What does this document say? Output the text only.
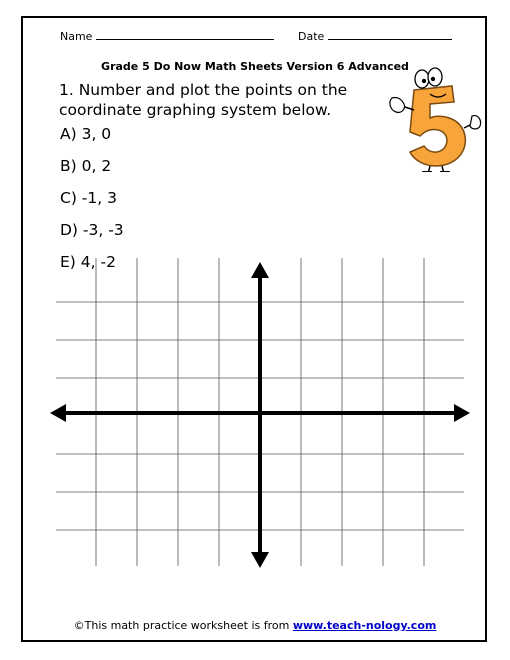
Name	Date
Grade 5 Do Now Math Sheets Version 6 Advanced
1. Number and plot the points on the coordinate graphing system below.
A) 3, 0
B) 0, 2
C) -1, 3
D) -3, -3
E) 4, -2
©This math practice worksheet is from www.teach-nology.com
